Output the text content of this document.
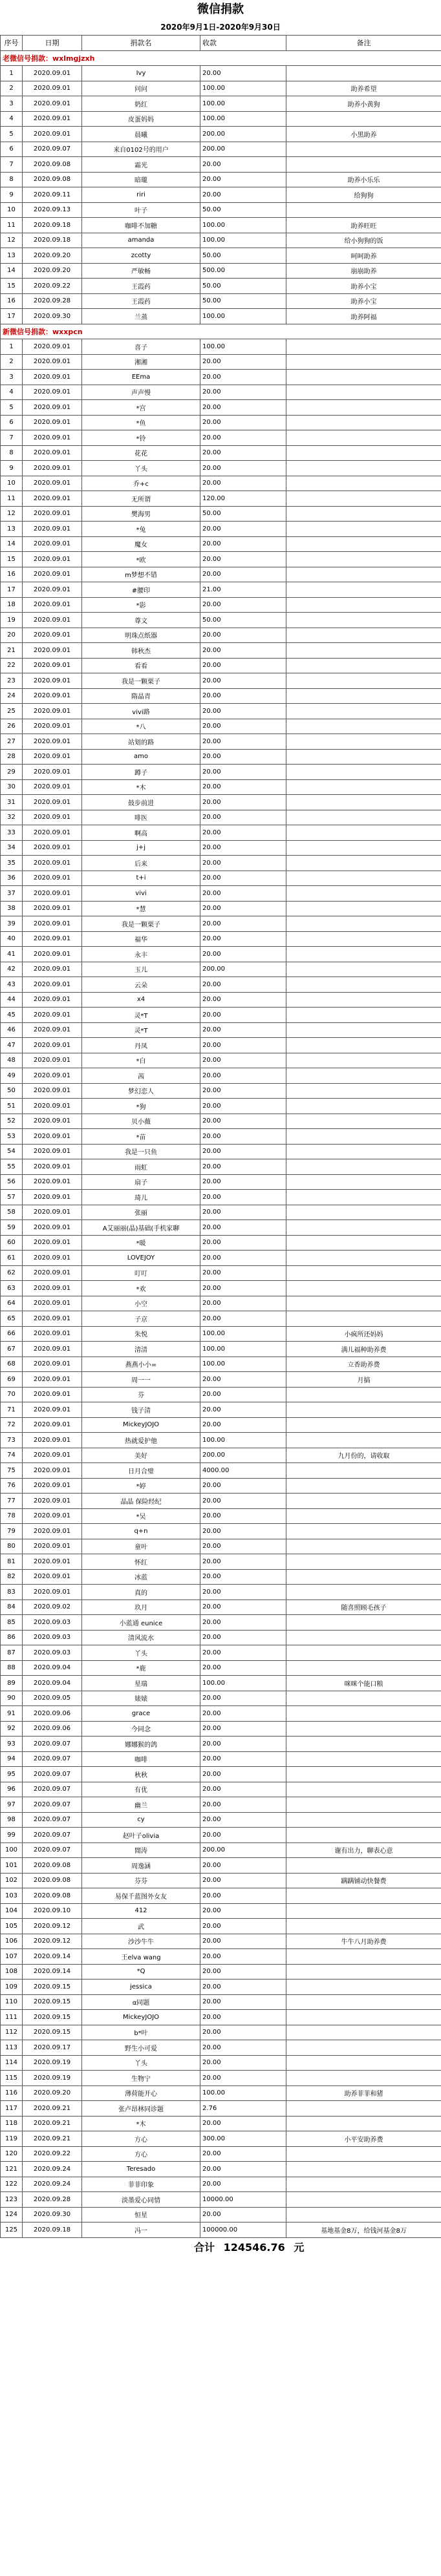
微信捐款
2020年9月1日-2020年9月30日
序号	日期	捐款名	收款	备注
老微信号捐款：wxlmgjzxh				
1	2020.09.01	Ivy	20.00	
2	2020.09.01	问问	100.00	助养希望
3	2020.09.01	奶红	100.00	助养小黄狗
4	2020.09.01	皮蛋妈妈	100.00	
5	2020.09.01	晨曦	200.00	小黑助养
6	2020.09.07	来自0102号的用户	200.00	
7	2020.09.08	霜光	20.00	
8	2020.09.08	暗瓏	20.00	助养小乐乐
9	2020.09.11	riri	20.00	给狗狗
10	2020.09.13	叶子	50.00	
11	2020.09.18	咖啡不加糖	100.00	助养旺旺
12	2020.09.18	amanda	100.00	给小狗狗的饭
13	2020.09.20	zcotty	50.00	呵呵助养
14	2020.09.20	严敏畅	500.00	崩崩助养
15	2020.09.22	王霞药	50.00	助养小宝
16	2020.09.28	王霞药	50.00	助养小宝
17	2020.09.30	兰蒸	100.00	助养阿福
新微信号捐款：wxxpcn				
1	2020.09.01	喜子	100.00	
2	2020.09.01	湘湘	20.00	
3	2020.09.01	EEma	20.00	
4	2020.09.01	声声慢	20.00	
5	2020.09.01	*宫	20.00	
6	2020.09.01	*鱼	20.00	
7	2020.09.01	*铃	20.00	
8	2020.09.01	花花	20.00	
9	2020.09.01	丫头	20.00	
10	2020.09.01	乔+c	20.00	
11	2020.09.01	无所谓	120.00	
12	2020.09.01	樊海男	50.00	
13	2020.09.01	*兔	20.00	
14	2020.09.01	魔女	20.00	
15	2020.09.01	*欧	20.00	
16	2020.09.01	m梦想不错	20.00	
17	2020.09.01	#腰印	21.00	
18	2020.09.01	*影	20.00	
19	2020.09.01	尊文	50.00	
20	2020.09.01	明珠点纸器	20.00	
21	2020.09.01	韩秋杰	20.00	
22	2020.09.01	看看	20.00	
23	2020.09.01	我是一颗栗子	20.00	
24	2020.09.01	隋晶青	20.00	
25	2020.09.01	vivi路	20.00	
26	2020.09.01	*八	20.00	
27	2020.09.01	站划的路	20.00	
28	2020.09.01	amo	20.00	
29	2020.09.01	蹲子	20.00	
30	2020.09.01	*木	20.00	
31	2020.09.01	鼓步前进	20.00	
32	2020.09.01	啡医	20.00	
33	2020.09.01	啊高	20.00	
34	2020.09.01	j+j	20.00	
35	2020.09.01	后来	20.00	
36	2020.09.01	t+i	20.00	
37	2020.09.01	vivi	20.00	
38	2020.09.01	*慧	20.00	
39	2020.09.01	我是一颗栗子	20.00	
40	2020.09.01	福华	20.00	
41	2020.09.01	永丰	20.00	
42	2020.09.01	玉儿	200.00	
43	2020.09.01	云朵	20.00	
44	2020.09.01	x4	20.00	
45	2020.09.01	灵*T	20.00	
46	2020.09.01	灵*T	20.00	
47	2020.09.01	丹凤	20.00	
48	2020.09.01	*白	20.00	
49	2020.09.01	茜	20.00	
50	2020.09.01	梦幻恋人	20.00	
51	2020.09.01	*狗	20.00	
52	2020.09.01	贝小薇	20.00	
53	2020.09.01	*苗	20.00	
54	2020.09.01	我是一只鱼	20.00	
55	2020.09.01	雨虹	20.00	
56	2020.09.01	扇子	20.00	
57	2020.09.01	琦儿	20.00	
58	2020.09.01	张丽	20.00	
59	2020.09.01	A艾丽丽(晶)基础(手机家聊	20.00	
60	2020.09.01	*暖	20.00	
61	2020.09.01	LOVEJOY	20.00	
62	2020.09.01	叮叮	20.00	
63	2020.09.01	*欢	20.00	
64	2020.09.01	小空	20.00	
65	2020.09.01	子京	20.00	
66	2020.09.01	朱悦	100.00	小疯所还妈妈
67	2020.09.01	清清	100.00	满儿福种助养费
68	2020.09.01	燕燕小小=	100.00	立香助养费
69	2020.09.01	周一一	20.00	月搞
70	2020.09.01	芬	20.00	
71	2020.09.01	钱子清	20.00	
72	2020.09.01	MickeyJOJO	20.00	
73	2020.09.01	热就爱护他	100.00	
74	2020.09.01	美好	200.00	九月份的，请收取
75	2020.09.01	日月合璧	4000.00	
76	2020.09.01	*婷	20.00	
77	2020.09.01	晶晶 保险经纪	20.00	
78	2020.09.01	*吴	20.00	
79	2020.09.01	q+n	20.00	
80	2020.09.01	童叶	20.00	
81	2020.09.01	怀红	20.00	
82	2020.09.01	冰蓝	20.00	
83	2020.09.01	真的	20.00	
84	2020.09.02	玖月	20.00	随喜照顾毛孩子
85	2020.09.03	小蓝通 eunice	20.00	
86	2020.09.03	清风流水	20.00	
87	2020.09.03	丫头	20.00	
88	2020.09.04	*鹿	20.00	
89	2020.09.04	星瑞	100.00	咪咪个能口粮
90	2020.09.05	婊婊	20.00	
91	2020.09.06	grace	20.00	
92	2020.09.06	今同念	20.00	
93	2020.09.07	娜娜猴的鸽	20.00	
94	2020.09.07	咖啡	20.00	
95	2020.09.07	秋秋	20.00	
96	2020.09.07	有优	20.00	
97	2020.09.07	幽兰	20.00	
98	2020.09.07	cy	20.00	
99	2020.09.07	赵叶子olivia	20.00	
100	2020.09.07	閒涛	200.00	谢有出力，聊表心意
101	2020.09.08	周逸涵	20.00	
102	2020.09.08	芬芬	20.00	蹒蹒铺动快餐费
103	2020.09.08	易保千蓝图外女友	20.00	
104	2020.09.10	412	20.00	
105	2020.09.12	武	20.00	
106	2020.09.12	沙沙牛牛	20.00	牛牛八月助养费
107	2020.09.14	王elva wang	20.00	
108	2020.09.14	*Q	20.00	
109	2020.09.15	jessica	20.00	
110	2020.09.15	α同题	20.00	
111	2020.09.15	MickeyJOJO	20.00	
112	2020.09.15	b*叶	20.00	
113	2020.09.17	野生小可爱	20.00	
114	2020.09.19	丫头	20.00	
115	2020.09.19	生物宁	20.00	
116	2020.09.20	薄荷能开心	100.00	助养菲菲和猪
117	2020.09.21	张卢昂林同诊题	2.76	
118	2020.09.21	*木	20.00	
119	2020.09.21	方心	300.00	小平安助养费
120	2020.09.22	方心	20.00	
121	2020.09.24	Teresado	20.00	
122	2020.09.24	菲菲印象	20.00	
123	2020.09.28	淡墨爱心同情	10000.00	
124	2020.09.30	恒星	20.00	
125	2020.09.18	冯一	100000.00	基地基金8万，给钱河基金8万
合计 124546.76 元
